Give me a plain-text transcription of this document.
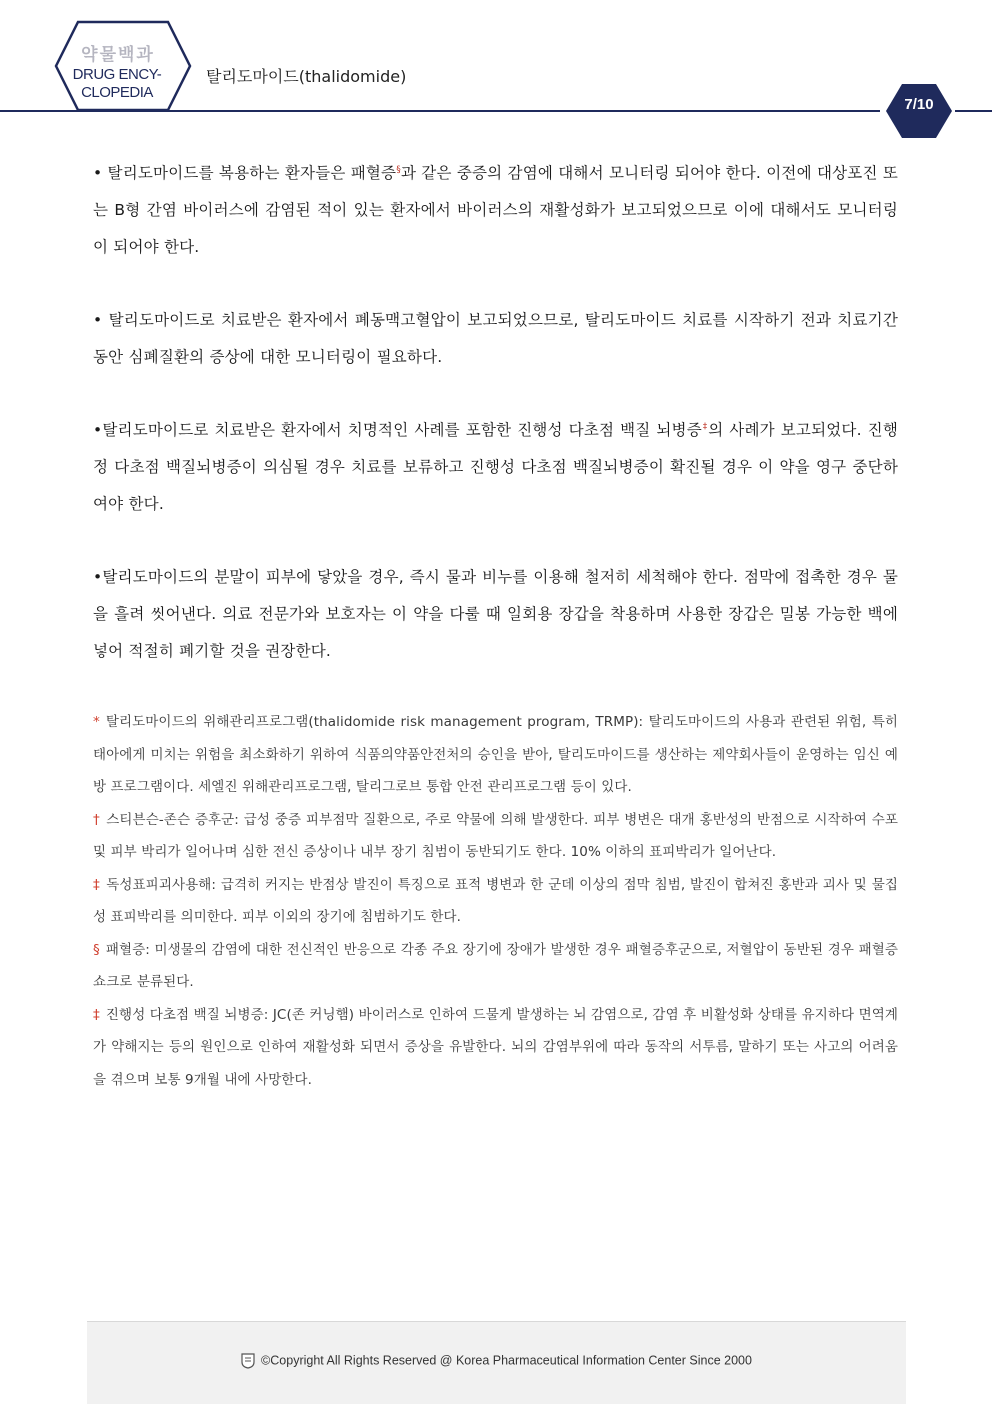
약물백과
DRUG ENCY-
CLOPEDIA
탈리도마이드(thalidomide)
7/10

• 탈리도마이드를 복용하는 환자들은 패혈증§과 같은 중증의 감염에 대해서 모니터링 되어야 한다. 이전에 대상포진 또는 B형 간염 바이러스에 감염된 적이 있는 환자에서 바이러스의 재활성화가 보고되었으므로 이에 대해서도 모니터링이 되어야 한다.

• 탈리도마이드로 치료받은 환자에서 폐동맥고혈압이 보고되었으므로, 탈리도마이드 치료를 시작하기 전과 치료기간 동안 심폐질환의 증상에 대한 모니터링이 필요하다.

•탈리도마이드로 치료받은 환자에서 치명적인 사례를 포함한 진행성 다초점 백질 뇌병증‡의 사례가 보고되었다. 진행정 다초점 백질뇌병증이 의심될 경우 치료를 보류하고 진행성 다초점 백질뇌병증이 확진될 경우 이 약을 영구 중단하여야 한다.

•탈리도마이드의 분말이 피부에 닿았을 경우, 즉시 물과 비누를 이용해 철저히 세척해야 한다. 점막에 접촉한 경우 물을 흘려 씻어낸다. 의료 전문가와 보호자는 이 약을 다룰 때 일회용 장갑을 착용하며 사용한 장갑은 밀봉 가능한 백에 넣어 적절히 폐기할 것을 권장한다.

* 탈리도마이드의 위해관리프로그램(thalidomide risk management program, TRMP): 탈리도마이드의 사용과 관련된 위험, 특히 태아에게 미치는 위험을 최소화하기 위하여 식품의약품안전처의 승인을 받아, 탈리도마이드를 생산하는 제약회사들이 운영하는 임신 예방 프로그램이다. 세엘진 위해관리프로그램, 탈리그로브 통합 안전 관리프로그램 등이 있다.

† 스티븐슨-존슨 증후군: 급성 중증 피부점막 질환으로, 주로 약물에 의해 발생한다. 피부 병변은 대개 홍반성의 반점으로 시작하여 수포 및 피부 박리가 일어나며 심한 전신 증상이나 내부 장기 침범이 동반되기도 한다. 10% 이하의 표피박리가 일어난다.

‡ 독성표피괴사용해: 급격히 커지는 반점상 발진이 특징으로 표적 병변과 한 군데 이상의 점막 침범, 발진이 합쳐진 홍반과 괴사 및 물집성 표피박리를 의미한다. 피부 이외의 장기에 침범하기도 한다.

§ 패혈증: 미생물의 감염에 대한 전신적인 반응으로 각종 주요 장기에 장애가 발생한 경우 패혈증후군으로, 저혈압이 동반된 경우 패혈증 쇼크로 분류된다.

‡ 진행성 다초점 백질 뇌병증: JC(존 커닝햄) 바이러스로 인하여 드물게 발생하는 뇌 감염으로, 감염 후 비활성화 상태를 유지하다 면역계가 약해지는 등의 원인으로 인하여 재활성화 되면서 증상을 유발한다. 뇌의 감염부위에 따라 동작의 서투름, 말하기 또는 사고의 어려움을 겪으며 보통 9개월 내에 사망한다.

©Copyright All Rights Reserved @ Korea Pharmaceutical Information Center Since 2000
